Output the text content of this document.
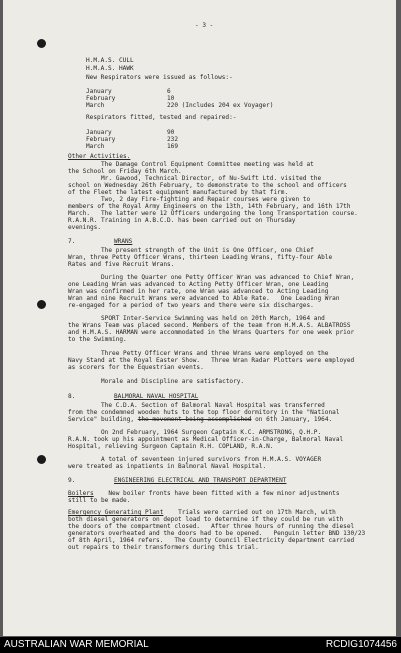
- 3 -
H.M.A.S. CULL
H.M.A.S. HAWK
New Respirators were issued as follows:-
January	6
February	10
March	220 (Includes 204 ex Voyager)
Respirators fitted, tested and repaired:-
January	90
February	232
March	169
Other Activities.
The Damage Control Equipment Committee meeting was held at
the School on Friday 6th March.
Mr. Gawood, Technical Director, of Nu-Swift Ltd. visited the
school on Wednesday 26th February, to demonstrate to the school and officers
of the Fleet the latest equipment manufactured by that firm.
Two, 2 day Fire-fighting and Repair courses were given to
members of the Royal Army Engineers on the 13th, 14th February, and 16th 17th
March.   The latter were 12 Officers undergoing the long Transportation course.
R.A.N.R. Training in A.B.C.D. has been carried out on Thursday
evenings.
7.	WRANS
The present strength of the Unit is One Officer, one Chief
Wran, three Petty Officer Wrans, thirteen Leading Wrans, fifty-four Able
Rates and five Recruit Wrans.
During the Quarter one Petty Officer Wran was advanced to Chief Wran,
one Leading Wran was advanced to Acting Petty Officer Wran, one Leading
Wran was confirmed in her rate, one Wran was advanced to Acting Leading
Wran and nine Recruit Wrans were advanced to Able Rate.   One Leading Wran
re-engaged for a period of two years and there were six discharges.
SPORT Inter-Service Swimming was held on 20th March, 1964 and
the Wrans Team was placed second. Members of the team from H.M.A.S. ALBATROSS
and H.M.A.S. HARMAN were accommodated in the Wrans Quarters for one week prior
to the Swimming.
Three Petty Officer Wrans and three Wrans were employed on the
Navy Stand at the Royal Easter Show.   Three Wran Radar Plotters were employed
as scorers for the Equestrian events.
Morale and Discipline are satisfactory.
8.	BALMORAL NAVAL HOSPITAL
The C.D.A. Section of Balmoral Naval Hospital was transferred
from the condemned wooden huts to the top floor dormitory in the "National
Service" building, the movement being accomplished on 6th January, 1964.
On 2nd February, 1964 Surgeon Captain K.C. ARMSTRONG, Q.H.P.
R.A.N. took up his appointment as Medical Officer-in-Charge, Balmoral Naval
Hospital, relieving Surgeon Captain R.H. COPLAND, R.A.N.
A total of seventeen injured survivors from H.M.A.S. VOYAGER
were treated as inpatients in Balmoral Naval Hospital.
9.	ENGINEERING ELECTRICAL AND TRANSPORT DEPARTMENT
Boilers    New boiler fronts have been fitted with a few minor adjustments
still to be made.
Emergency Generating Plant    Trials were carried out on 17th March, with
both diesel generators on depot load to determine if they could be run with
the doors of the compartment closed.   After three hours of running the diesel
generators overheated and the doors had to be opened.   Penguin letter BND 130/23
of 8th April, 1964 refers.   The County Council Electricity department carried
out repairs to their transformers during this trial.
AUSTRALIAN WAR MEMORIAL	RCDIG1074456
